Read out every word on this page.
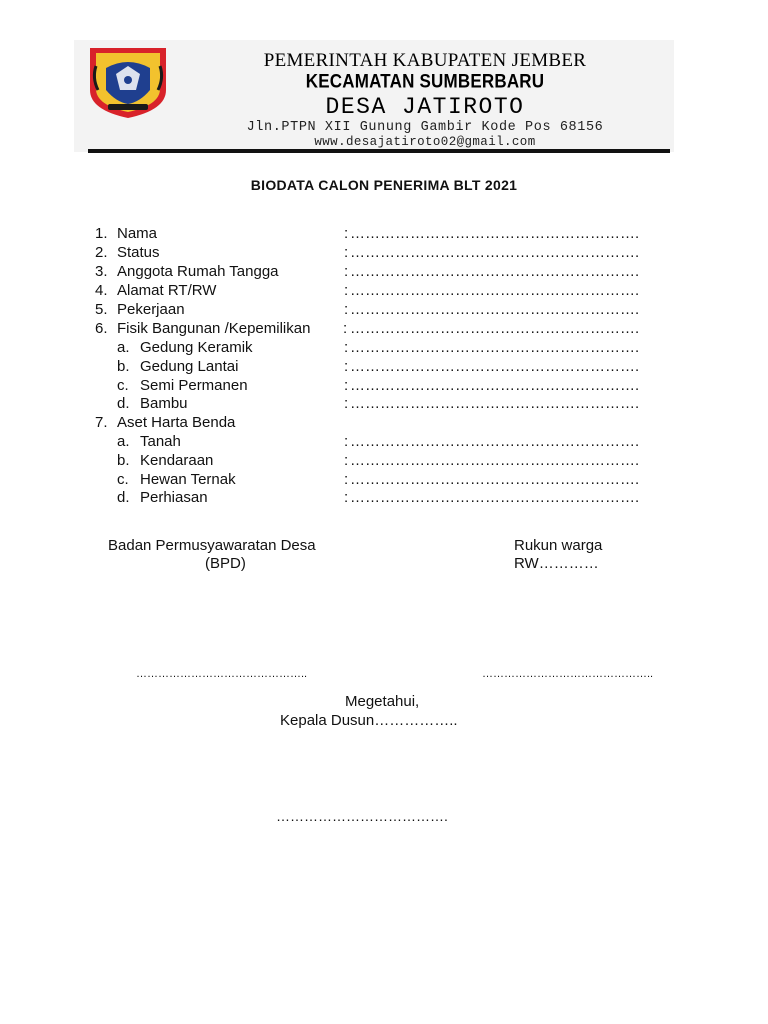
PEMERINTAH KABUPATEN JEMBER
KECAMATAN SUMBERBARU
DESA JATIROTO
Jln.PTPN XII Gunung Gambir Kode Pos 68156
www.desajatiroto02@gmail.com
BIODATA CALON PENERIMA BLT 2021
1. Nama	: ………………………………………………….
2. Status	: ………………………………………………….
3. Anggota Rumah Tangga	: ………………………………………………….
4. Alamat RT/RW	: ………………………………………………….
5. Pekerjaan	: ………………………………………………….
6. Fisik Bangunan /Kepemilikan : ………………………………………………….
a. Gedung Keramik	: ………………………………………………….
b. Gedung Lantai	: ………………………………………………….
c. Semi Permanen	: ………………………………………………….
d. Bambu	: ………………………………………………….
7. Aset Harta Benda
a. Tanah	: ………………………………………………….
b. Kendaraan	: ………………………………………………….
c. Hewan Ternak	: ………………………………………………….
d. Perhiasan	: ………………………………………………….
Badan Permusyawaratan Desa
(BPD)
Rukun warga
RW…………
………………………………………..	………………………………………..
Megetahui,
Kepala Dusun……………..
……………………………….
